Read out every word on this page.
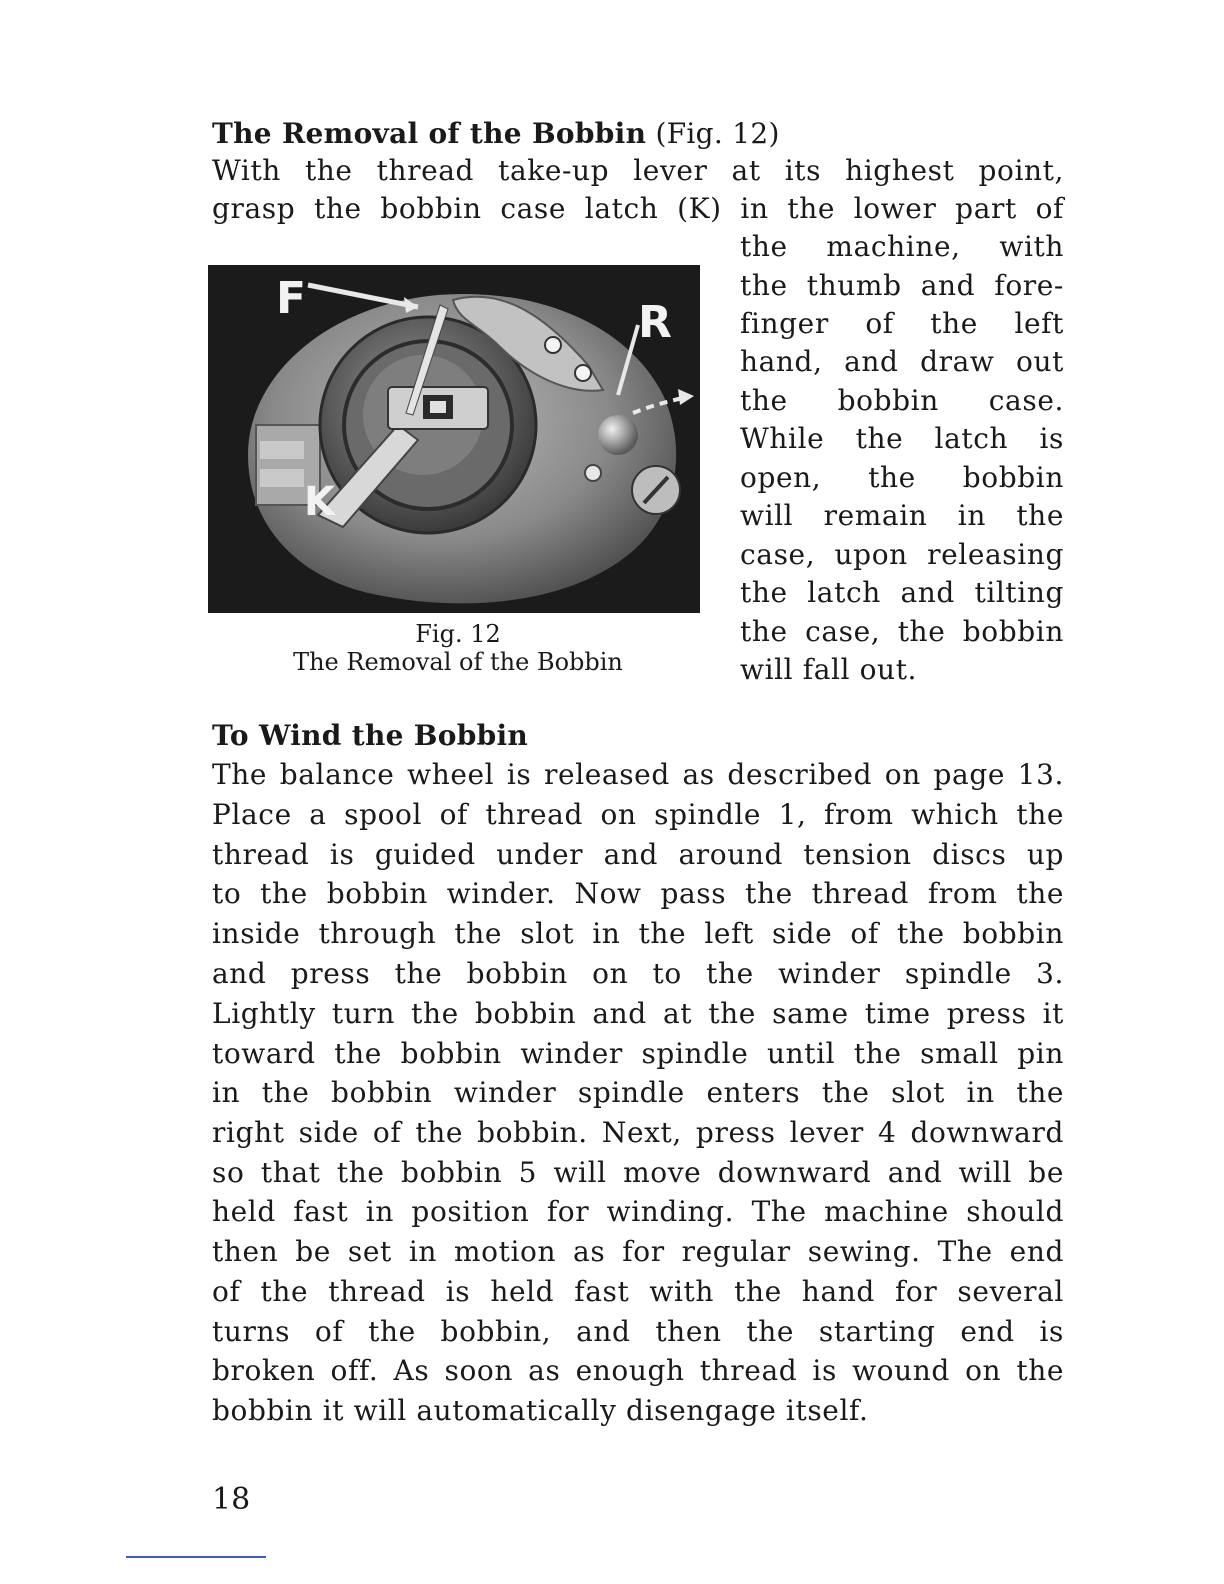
The Removal of the Bobbin (Fig. 12)
With the thread take-up lever at its highest point,
grasp the bobbin case latch (K) in the lower part of
the machine, with
the thumb and fore-
finger of the left
hand, and draw out
the bobbin case.
While the latch is
open, the bobbin
will remain in the
case, upon releasing
the latch and tilting
the case, the bobbin
will fall out.
F	R
K
Fig. 12
The Removal of the Bobbin
To Wind the Bobbin
The balance wheel is released as described on page 13.
Place a spool of thread on spindle 1, from which the
thread is guided under and around tension discs up
to the bobbin winder. Now pass the thread from the
inside through the slot in the left side of the bobbin
and press the bobbin on to the winder spindle 3.
Lightly turn the bobbin and at the same time press it
toward the bobbin winder spindle until the small pin
in the bobbin winder spindle enters the slot in the
right side of the bobbin. Next, press lever 4 downward
so that the bobbin 5 will move downward and will be
held fast in position for winding. The machine should
then be set in motion as for regular sewing. The end
of the thread is held fast with the hand for several
turns of the bobbin, and then the starting end is
broken off. As soon as enough thread is wound on the
bobbin it will automatically disengage itself.
18
